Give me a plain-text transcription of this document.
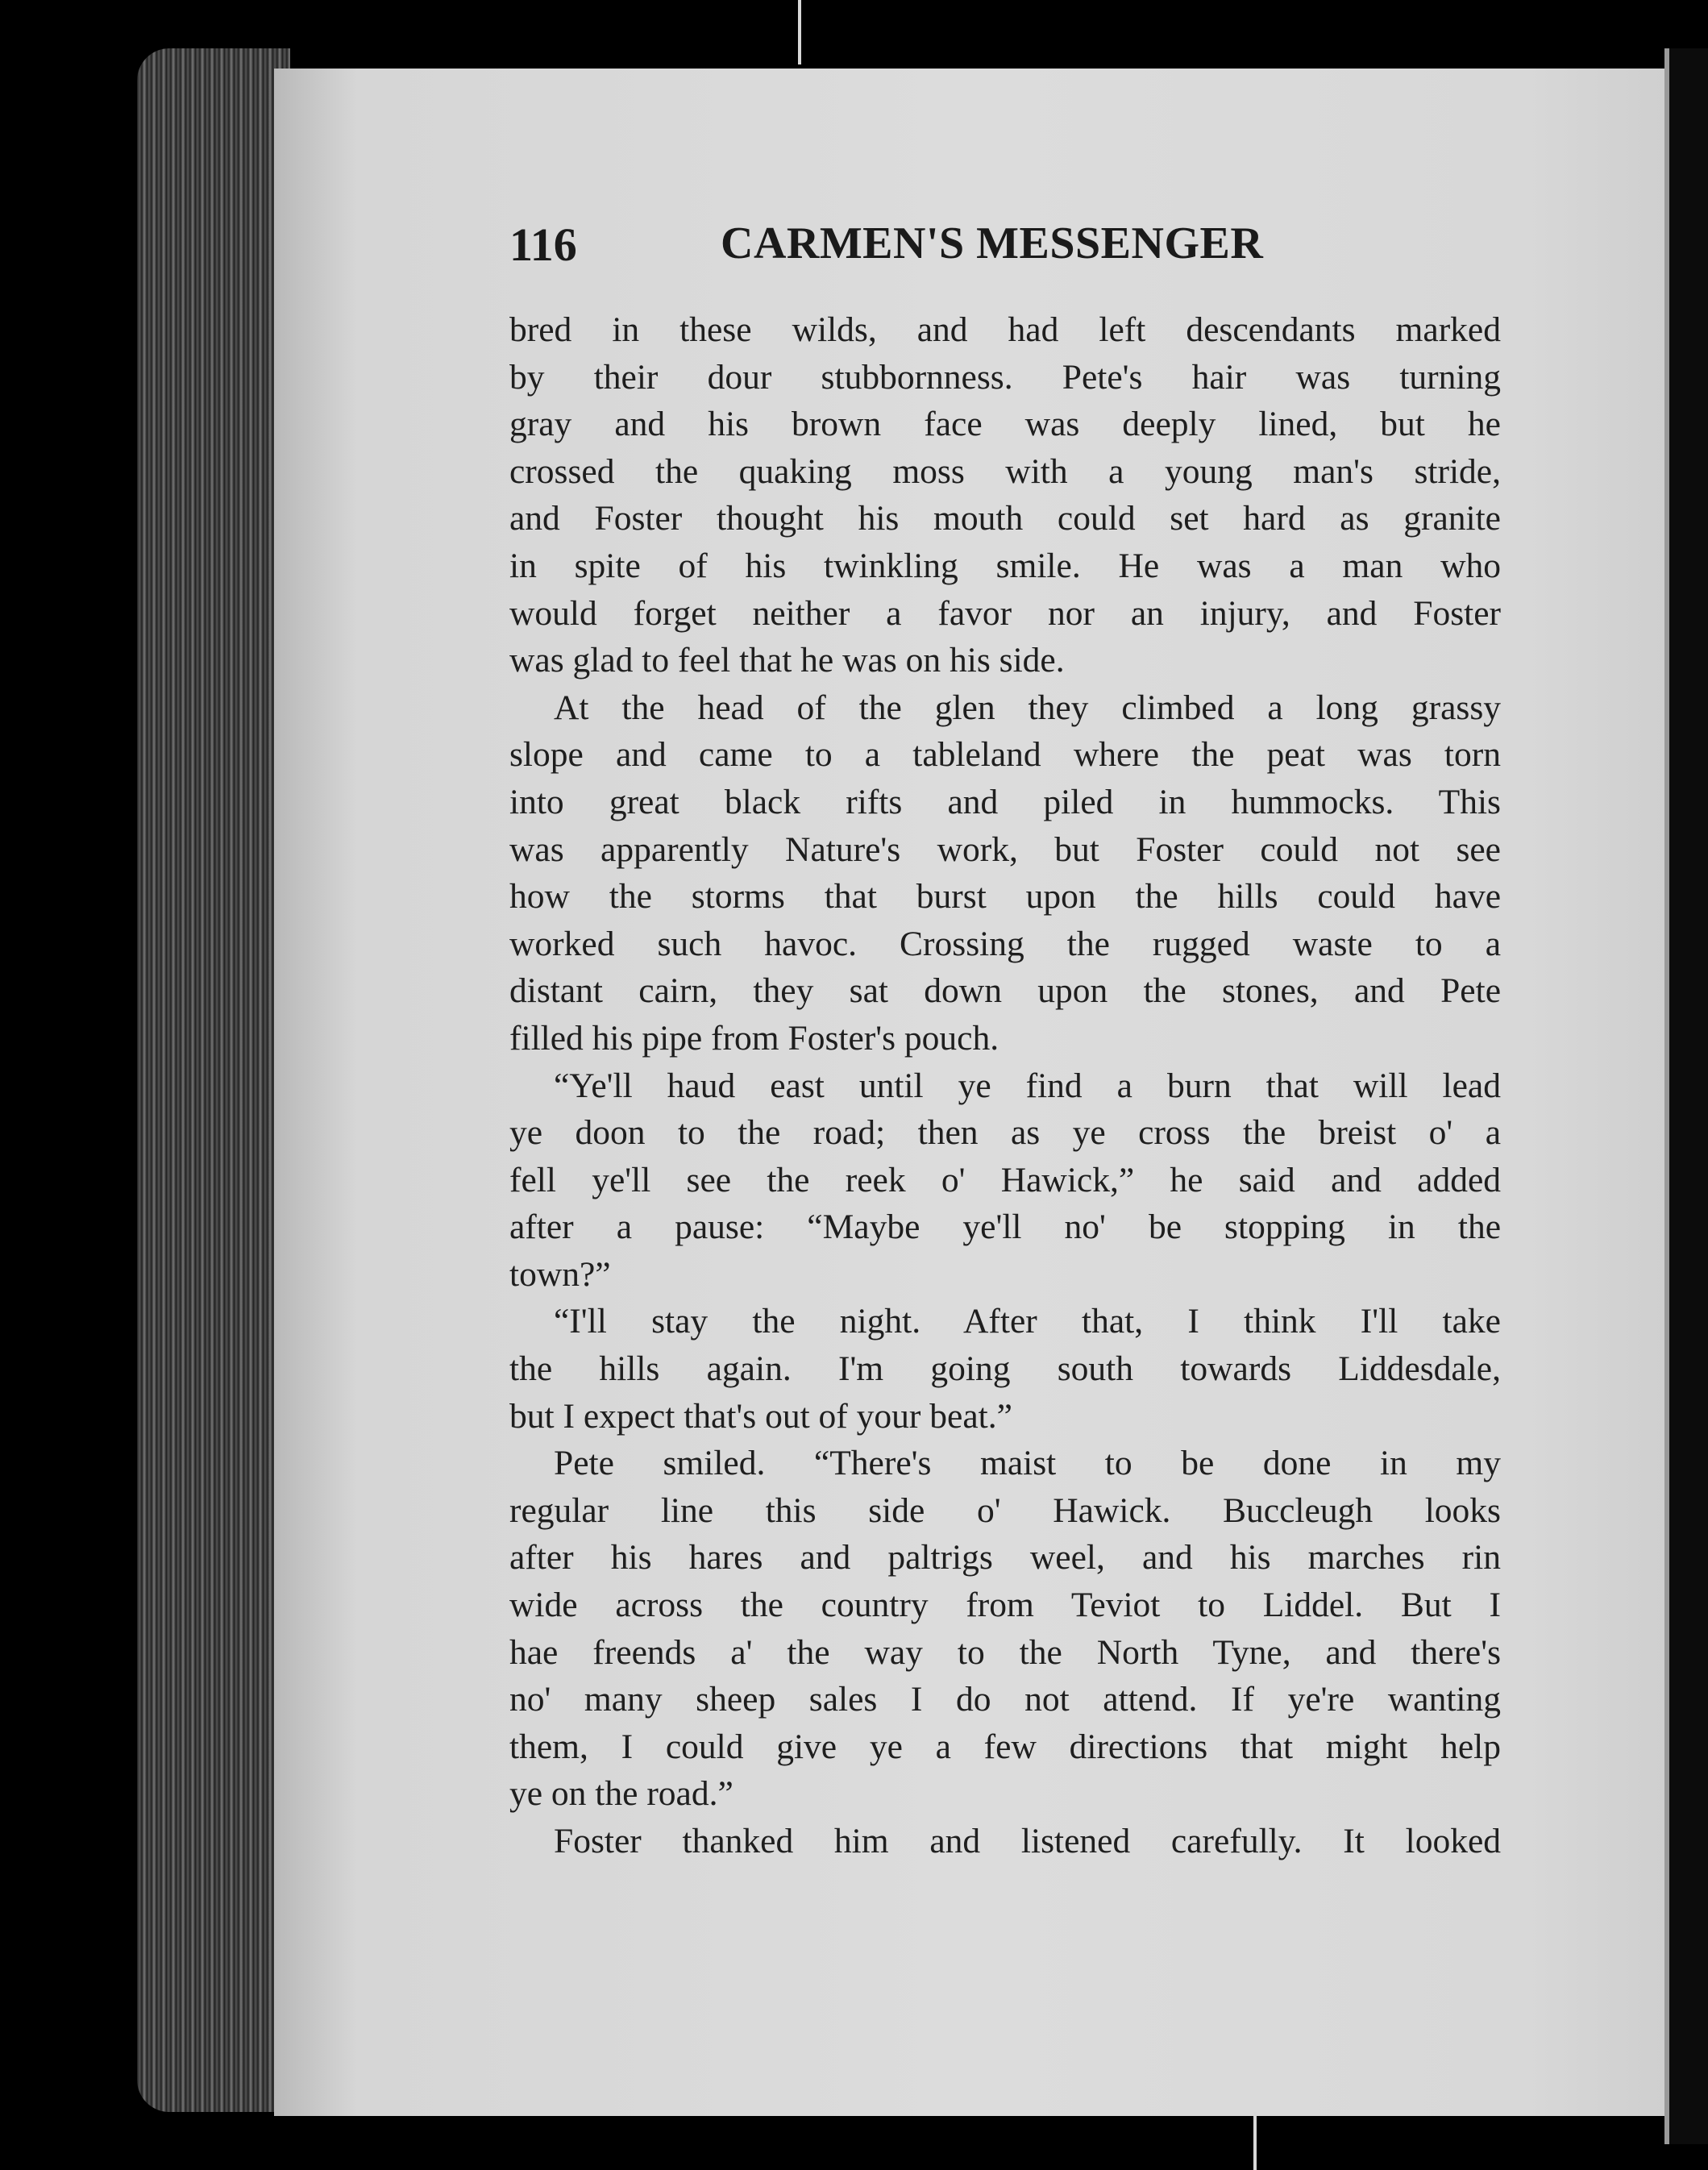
116	CARMEN'S MESSENGER

bred in these wilds, and had left descendants marked
by their dour stubbornness. Pete's hair was turning
gray and his brown face was deeply lined, but he
crossed the quaking moss with a young man's stride,
and Foster thought his mouth could set hard as granite
in spite of his twinkling smile. He was a man who
would forget neither a favor nor an injury, and Foster
was glad to feel that he was on his side.

At the head of the glen they climbed a long grassy
slope and came to a tableland where the peat was torn
into great black rifts and piled in hummocks. This
was apparently Nature's work, but Foster could not see
how the storms that burst upon the hills could have
worked such havoc. Crossing the rugged waste to a
distant cairn, they sat down upon the stones, and Pete
filled his pipe from Foster's pouch.

“Ye'll haud east until ye find a burn that will lead
ye doon to the road; then as ye cross the breist o' a
fell ye'll see the reek o' Hawick,” he said and added
after a pause: “Maybe ye'll no' be stopping in the
town?”

“I'll stay the night. After that, I think I'll take
the hills again. I'm going south towards Liddesdale,
but I expect that's out of your beat.”

Pete smiled. “There's maist to be done in my
regular line this side o' Hawick. Buccleugh looks
after his hares and paltrigs weel, and his marches rin
wide across the country from Teviot to Liddel. But I
hae freends a' the way to the North Tyne, and there's
no' many sheep sales I do not attend. If ye're wanting
them, I could give ye a few directions that might help
ye on the road.”

Foster thanked him and listened carefully. It looked
